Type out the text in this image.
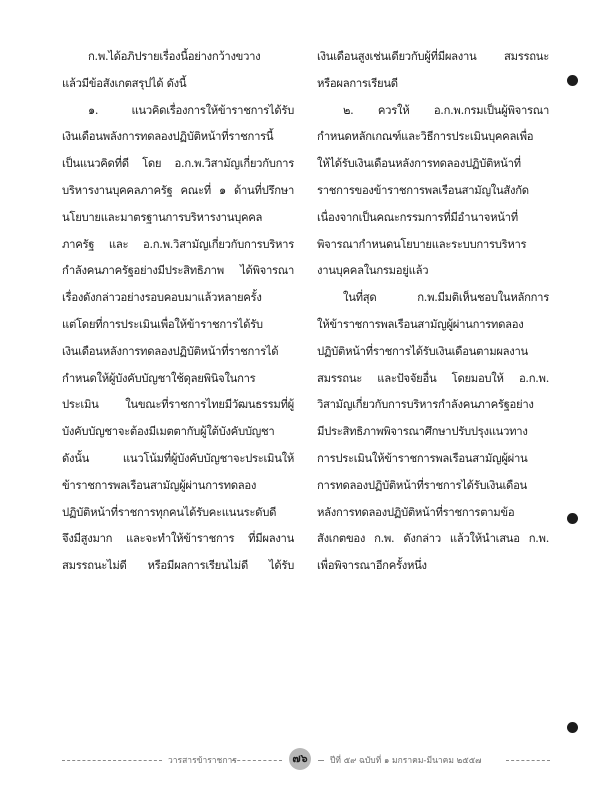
ก.พ.ได้อภิปรายเรื่องนี้อย่างกว้างขวาง
แล้วมีข้อสังเกตสรุปได้ ดังนี้
๑. แนวคิดเรื่องการให้ข้าราชการได้รับ
เงินเดือนพลังการทดลองปฏิบัติหน้าที่ราชการนี้
เป็นแนวคิดที่ดี โดย อ.ก.พ.วิสามัญเกี่ยวกับการ
บริหารงานบุคคลภาครัฐ คณะที่ ๑ ด้านที่ปรึกษา
นโยบายและมาตรฐานการบริหารงานบุคคล
ภาครัฐ และ อ.ก.พ.วิสามัญเกี่ยวกับการบริหาร
กำลังคนภาครัฐอย่างมีประสิทธิภาพ ได้พิจารณา
เรื่องดังกล่าวอย่างรอบคอบมาแล้วหลายครั้ง
แต่โดยที่การประเมินเพื่อให้ข้าราชการได้รับ
เงินเดือนหลังการทดลองปฏิบัติหน้าที่ราชการได้
กำหนดให้ผู้บังคับบัญชาใช้ดุลยพินิจในการ
ประเมิน ในขณะที่ราชการไทยมีวัฒนธรรมที่ผู้
บังคับบัญชาจะต้องมีเมตตากับผู้ใต้บังคับบัญชา
ดังนั้น แนวโน้มที่ผู้บังคับบัญชาจะประเมินให้
ข้าราชการพลเรือนสามัญผู้ผ่านการทดลอง
ปฏิบัติหน้าที่ราชการทุกคนได้รับคะแนนระดับดี
จึงมีสูงมาก และจะทำให้ข้าราชการ ที่มีผลงาน
สมรรถนะไม่ดี หรือมีผลการเรียนไม่ดี ได้รับ
เงินเดือนสูงเช่นเดียวกับผู้ที่มีผลงาน สมรรถนะ
หรือผลการเรียนดี
๒. ควรให้ อ.ก.พ.กรมเป็นผู้พิจารณา
กำหนดหลักเกณฑ์และวิธีการประเมินบุคคลเพื่อ
ให้ได้รับเงินเดือนหลังการทดลองปฏิบัติหน้าที่
ราชการของข้าราชการพลเรือนสามัญในสังกัด
เนื่องจากเป็นคณะกรรมการที่มีอำนาจหน้าที่
พิจารณากำหนดนโยบายและระบบการบริหาร
งานบุคคลในกรมอยู่แล้ว
ในที่สุด ก.พ.มีมติเห็นชอบในหลักการ
ให้ข้าราชการพลเรือนสามัญผู้ผ่านการทดลอง
ปฏิบัติหน้าที่ราชการได้รับเงินเดือนตามผลงาน
สมรรถนะ และปัจจัยอื่น โดยมอบให้ อ.ก.พ.
วิสามัญเกี่ยวกับการบริหารกำลังคนภาครัฐอย่าง
มีประสิทธิภาพพิจารณาศึกษาปรับปรุงแนวทาง
การประเมินให้ข้าราชการพลเรือนสามัญผู้ผ่าน
การทดลองปฏิบัติหน้าที่ราชการได้รับเงินเดือน
หลังการทดลองปฏิบัติหน้าที่ราชการตามข้อ
สังเกตของ ก.พ. ดังกล่าว แล้วให้นำเสนอ ก.พ.
เพื่อพิจารณาอีกครั้งหนึ่ง
วารสารข้าราชการ	๗๖	ปีที่ ๕๙ ฉบับที่ ๑ มกราคม-มีนาคม ๒๕๕๗
